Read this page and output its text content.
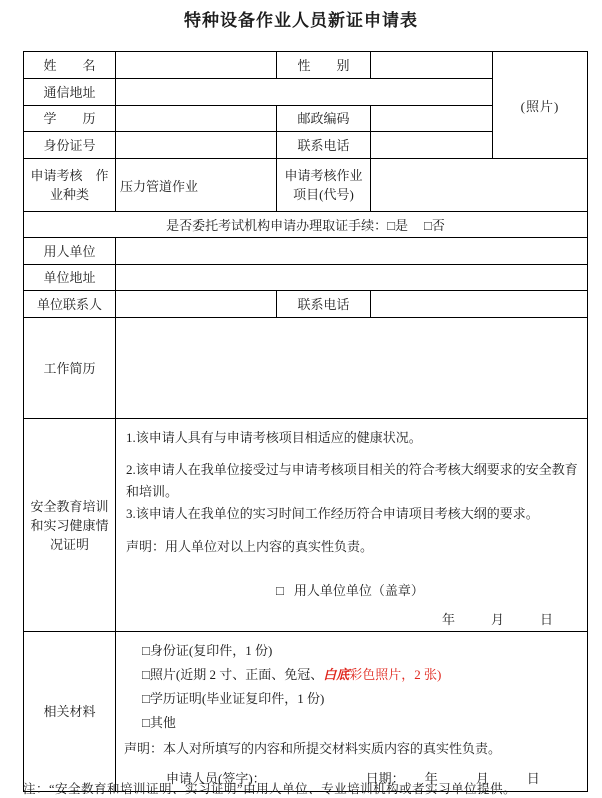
特种设备作业人员新证申请表
姓　　名		性　　别		(照片)
通信地址				
学　　历		邮政编码		
身份证号		联系电话		
申请考核　作业种类	压力管道作业	申请考核作业项目(代号)		
是否委托考试机构申请办理取证手续：□是 □否				
用人单位				
单位地址				
单位联系人		联系电话		
工作简历				
安全教育培训和实习健康情况证明	

1.该申请人具有与申请考核项目相适应的健康状况。

2.该申请人在我单位接受过与申请考核项目相关的符合考核大纲要求的安全教育和培训。

3.该申请人在我单位的实习时间工作经历符合申请项目考核大纲的要求。

声明：用人单位对以上内容的真实性负责。

□ 用人单位单位（盖章）

年	月	日

相关材料	
□身份证(复印件，1 份)
□照片(近期 2 寸、正面、免冠、白底彩色照片，2 张)
□学历证明(毕业证复印件，1 份)
□其他
声明：本人对所填写的内容和所提交材料实质内容的真实性负责。
申请人员(签字)：	日期： 年	月	日
注：“安全教育和培训证明、实习证明”由用人单位、专业培训机构或者实习单位提供。
